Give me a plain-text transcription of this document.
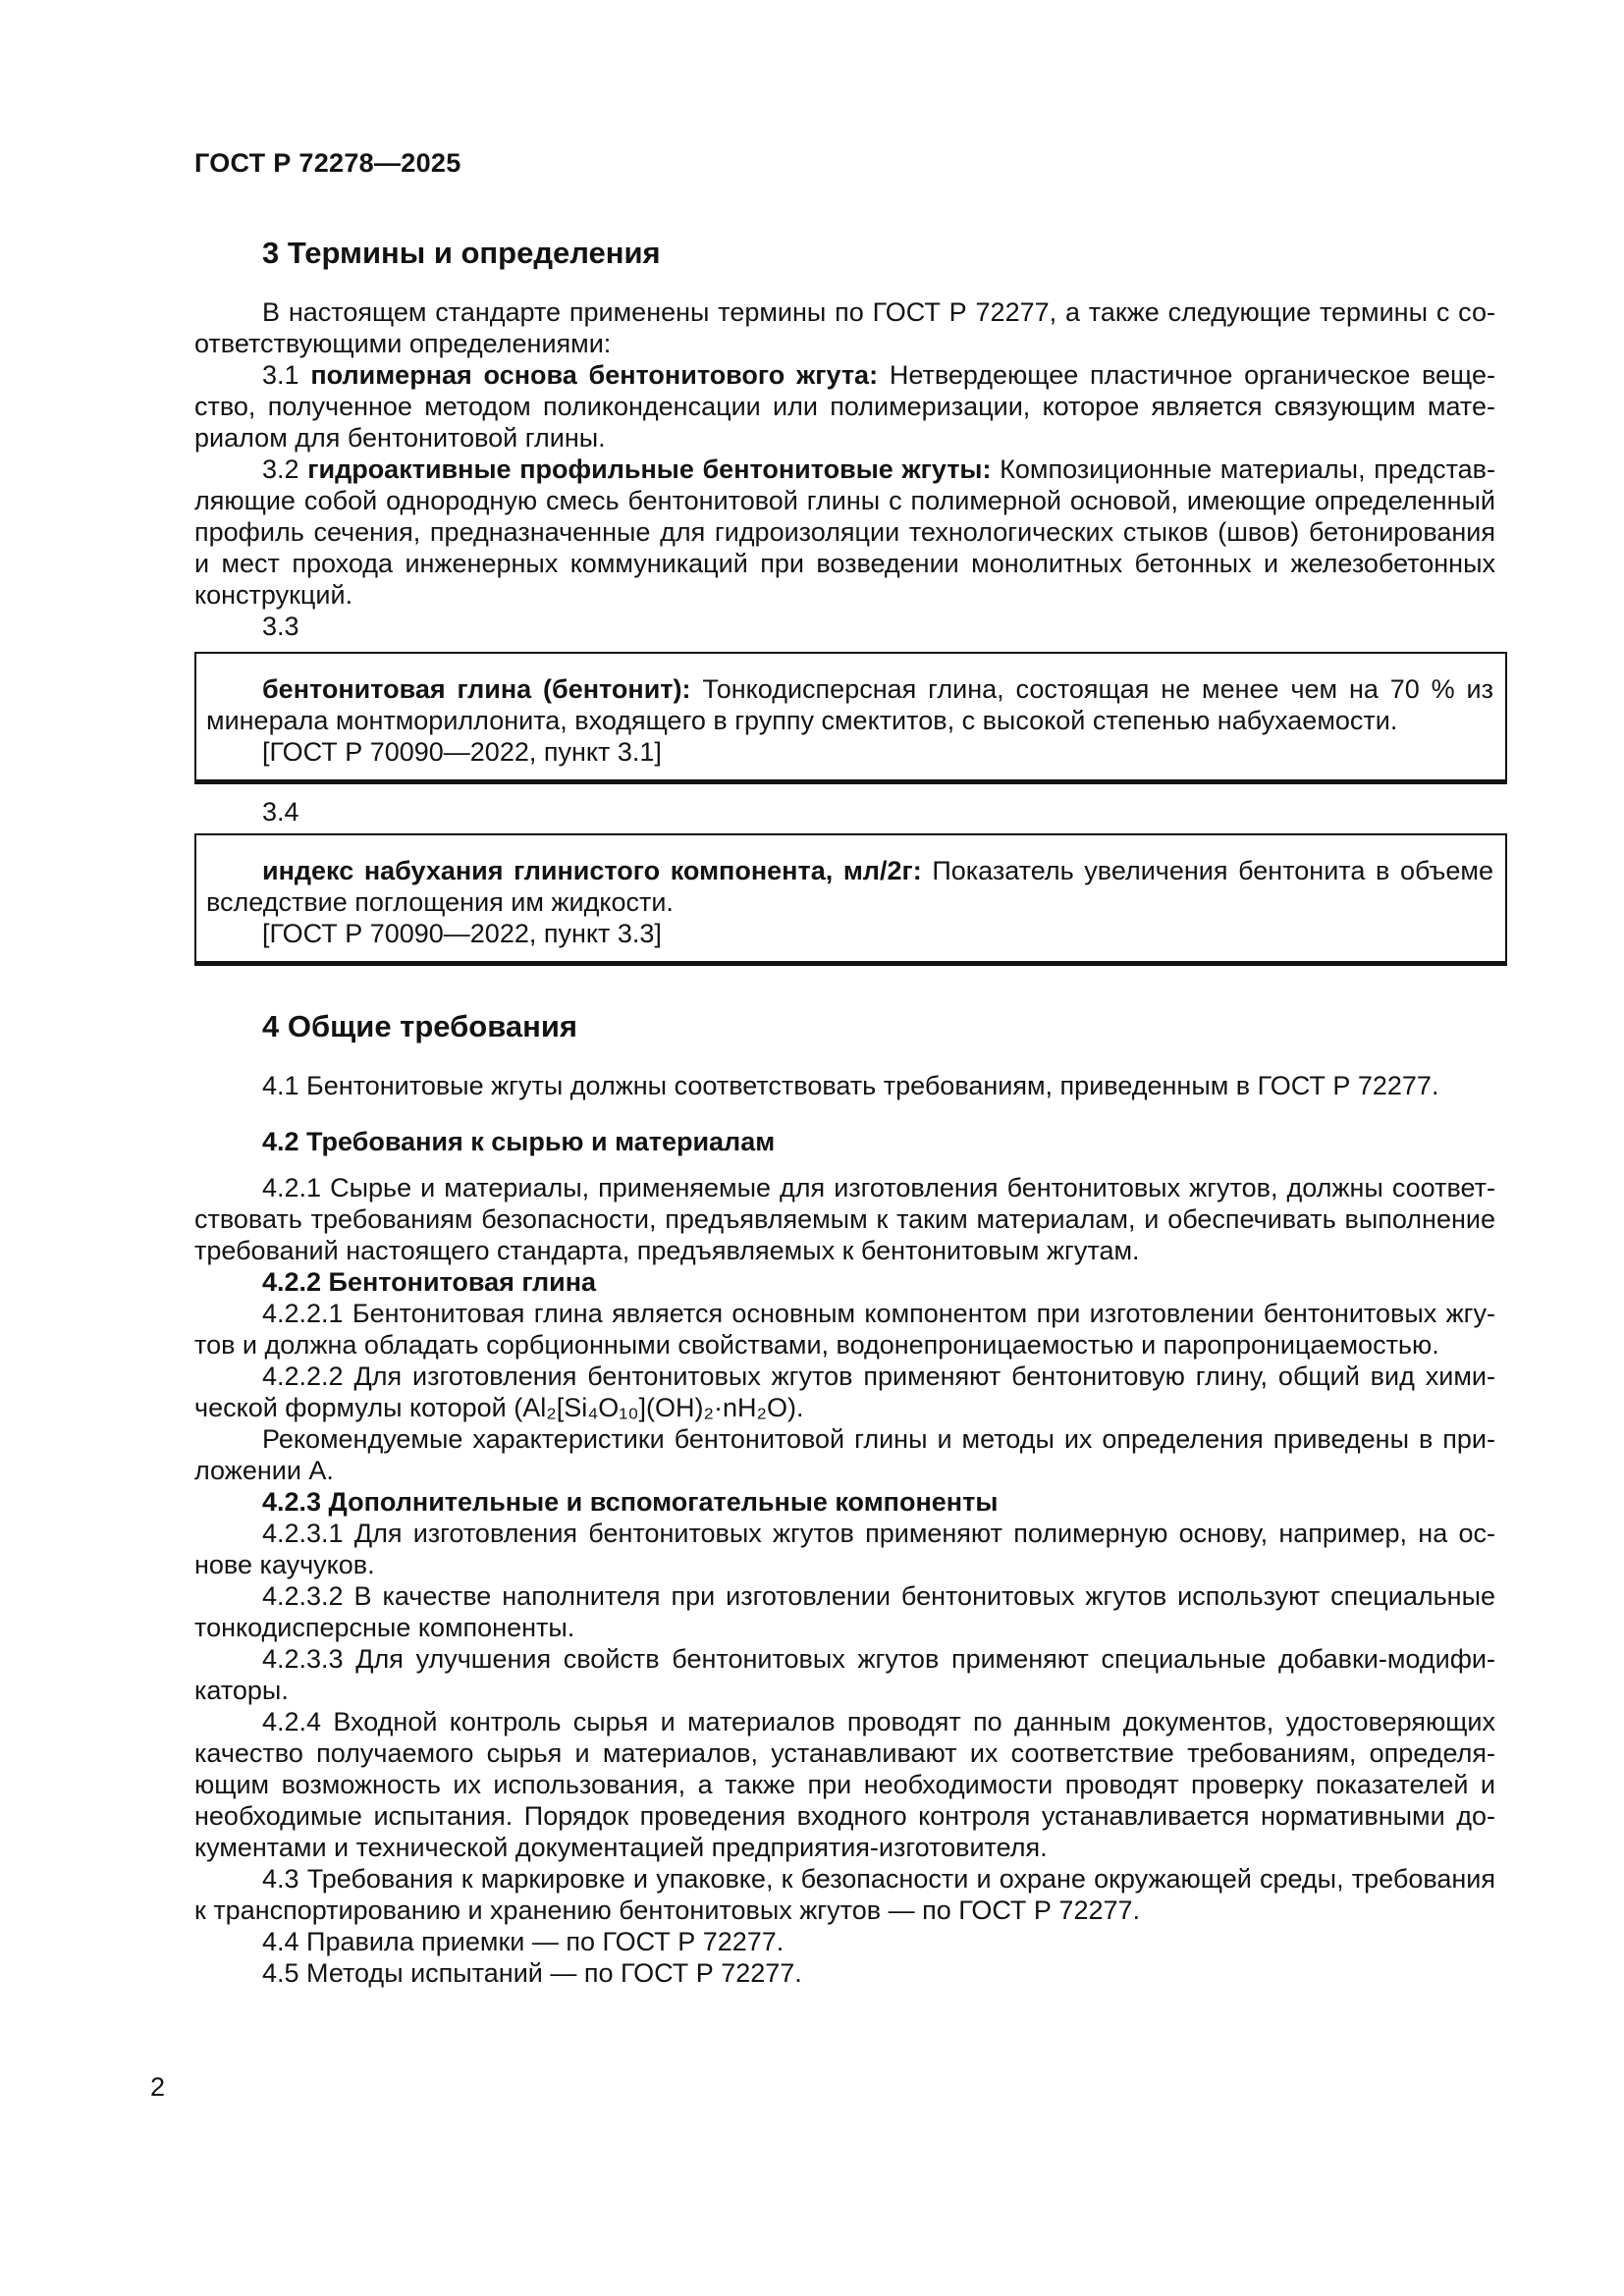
ГОСТ Р 72278—2025
3 Термины и определения

В настоящем стандарте применены термины по ГОСТ Р 72277, а также следующие термины с соответствующими определениями:

3.1 полимерная основа бентонитового жгута: Нетвердеющее пластичное органическое вещество, полученное методом поликонденсации или полимеризации, которое является связующим материалом для бентонитовой глины.

3.2 гидроактивные профильные бентонитовые жгуты: Композиционные материалы, представляющие собой однородную смесь бентонитовой глины с полимерной основой, имеющие определенный профиль сечения, предназначенные для гидроизоляции технологических стыков (швов) бетонирования и мест прохода инженерных коммуникаций при возведении монолитных бетонных и железобетонных конструкций.

3.3

бентонитовая глина (бентонит): Тонкодисперсная глина, состоящая не менее чем на 70 % из минерала монтмориллонита, входящего в группу смектитов, с высокой степенью набухаемости.

[ГОСТ Р 70090—2022, пункт 3.1]

3.4

индекс набухания глинистого компонента, мл/2г: Показатель увеличения бентонита в объеме вследствие поглощения им жидкости.

[ГОСТ Р 70090—2022, пункт 3.3]

4 Общие требования

4.1 Бентонитовые жгуты должны соответствовать требованиям, приведенным в ГОСТ Р 72277.

4.2 Требования к сырью и материалам

4.2.1 Сырье и материалы, применяемые для изготовления бентонитовых жгутов, должны соответствовать требованиям безопасности, предъявляемым к таким материалам, и обеспечивать выполнение требований настоящего стандарта, предъявляемых к бентонитовым жгутам.

4.2.2 Бентонитовая глина

4.2.2.1 Бентонитовая глина является основным компонентом при изготовлении бентонитовых жгутов и должна обладать сорбционными свойствами, водонепроницаемостью и паропроницаемостью.

4.2.2.2 Для изготовления бентонитовых жгутов применяют бентонитовую глину, общий вид химической формулы которой (Al₂[Si₄O₁₀](OH)₂·nH₂O).

Рекомендуемые характеристики бентонитовой глины и методы их определения приведены в приложении А.

4.2.3 Дополнительные и вспомогательные компоненты

4.2.3.1 Для изготовления бентонитовых жгутов применяют полимерную основу, например, на основе каучуков.

4.2.3.2 В качестве наполнителя при изготовлении бентонитовых жгутов используют специальные тонкодисперсные компоненты.

4.2.3.3 Для улучшения свойств бентонитовых жгутов применяют специальные добавки-модификаторы.

4.2.4 Входной контроль сырья и материалов проводят по данным документов, удостоверяющих качество получаемого сырья и материалов, устанавливают их соответствие требованиям, определяющим возможность их использования, а также при необходимости проводят проверку показателей и необходимые испытания. Порядок проведения входного контроля устанавливается нормативными документами и технической документацией предприятия-изготовителя.

4.3 Требования к маркировке и упаковке, к безопасности и охране окружающей среды, требования к транспортированию и хранению бентонитовых жгутов — по ГОСТ Р 72277.

4.4 Правила приемки — по ГОСТ Р 72277.

4.5 Методы испытаний — по ГОСТ Р 72277.

2
